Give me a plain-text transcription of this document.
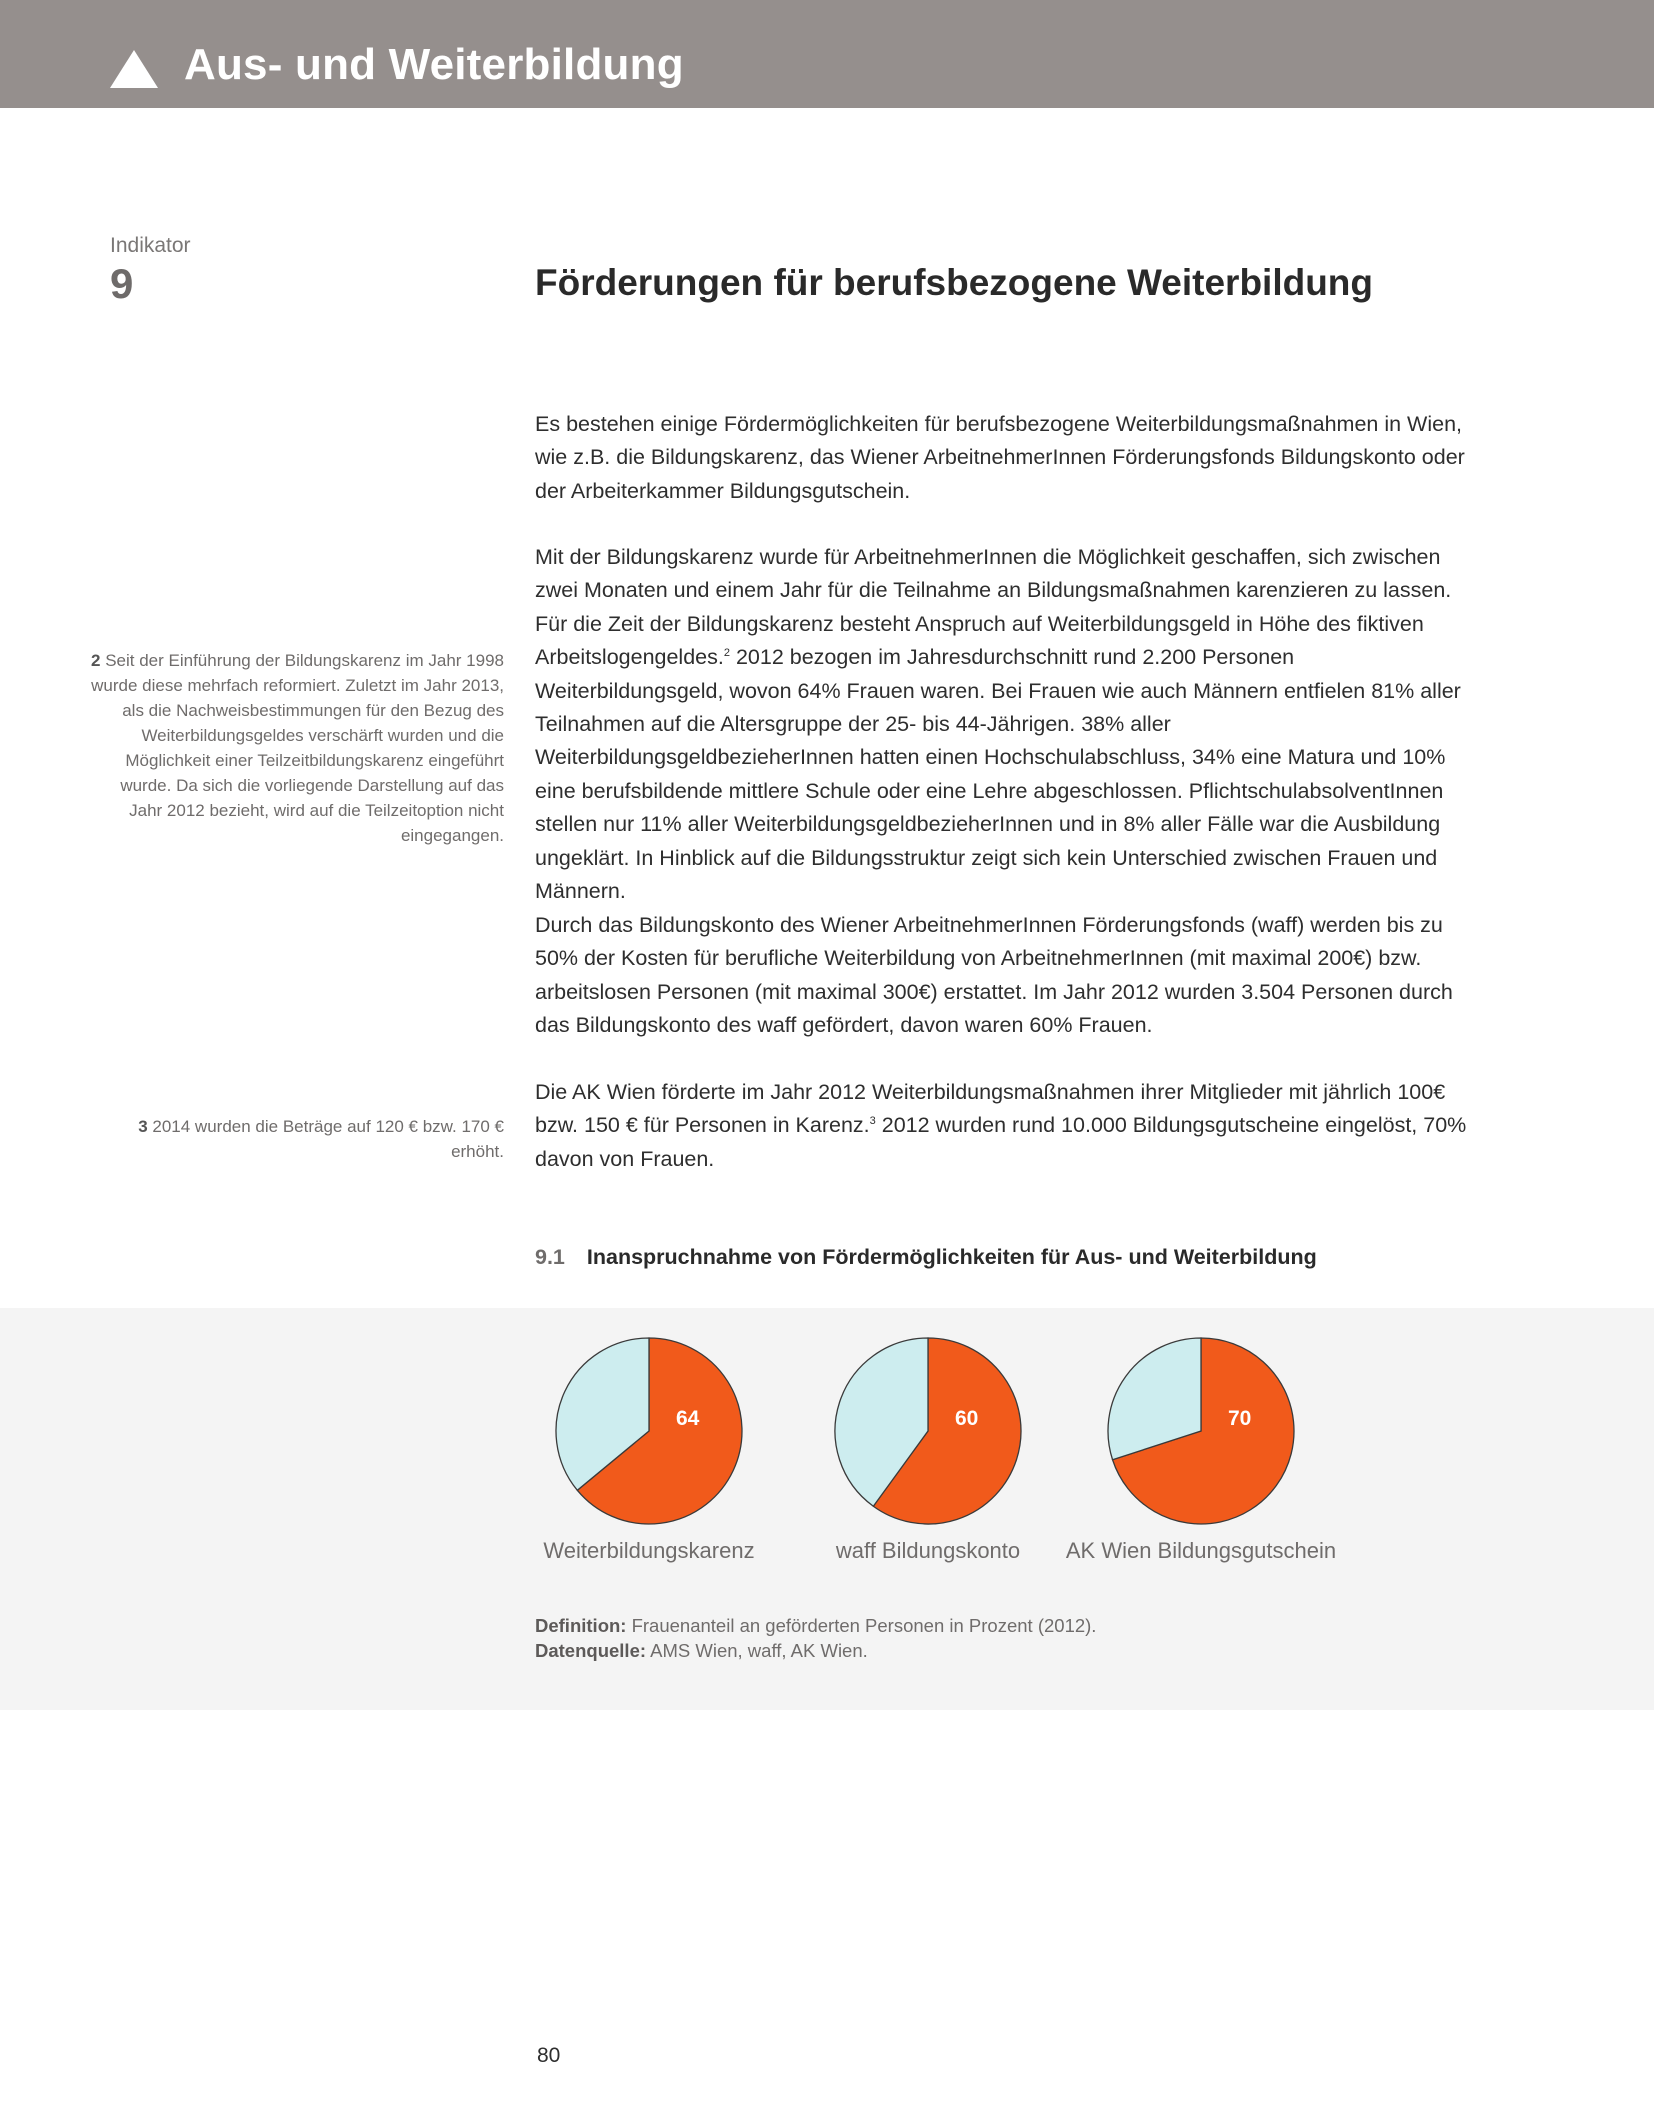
Aus- und Weiterbildung
Indikator
9	Förderungen für berufsbezogene Weiterbildung

Es bestehen einige Fördermöglichkeiten für berufsbezogene Weiterbildungsmaßnahmen in Wien, wie z.B. die Bildungskarenz, das Wiener ArbeitnehmerInnen Förderungsfonds Bildungskonto oder der Arbeiterkammer Bildungsgutschein.

Mit der Bildungskarenz wurde für ArbeitnehmerInnen die Möglichkeit geschaffen, sich zwischen zwei Monaten und einem Jahr für die Teilnahme an Bildungsmaßnahmen karenzieren zu lassen. Für die Zeit der Bildungskarenz besteht Anspruch auf Weiterbildungsgeld in Höhe des fiktiven Arbeitslogengeldes.$^2$ 2012 bezogen im Jahresdurchschnitt rund 2.200 Personen Weiterbildungsgeld, wovon 64% Frauen waren. Bei Frauen wie auch Männern entfielen 81% aller Teilnahmen auf die Altersgruppe der 25- bis 44-Jährigen. 38% aller WeiterbildungsgeldbezieherInnen hatten einen Hochschulabschluss, 34% eine Matura und 10% eine berufsbildende mittlere Schule oder eine Lehre abgeschlossen. PflichtschulabsolventInnen stellen nur 11% aller WeiterbildungsgeldbezieherInnen und in 8% aller Fälle war die Ausbildung ungeklärt. In Hinblick auf die Bildungsstruktur zeigt sich kein Unterschied zwischen Frauen und Männern.

Durch das Bildungskonto des Wiener ArbeitnehmerInnen Förderungsfonds (waff) werden bis zu 50% der Kosten für berufliche Weiterbildung von ArbeitnehmerInnen (mit maximal 200€) bzw. arbeitslosen Personen (mit maximal 300€) erstattet. Im Jahr 2012 wurden 3.504 Personen durch das Bildungskonto des waff gefördert, davon waren 60% Frauen.

Die AK Wien förderte im Jahr 2012 Weiterbildungsmaßnahmen ihrer Mitglieder mit jährlich 100€ bzw. 150 € für Personen in Karenz.$^3$ 2012 wurden rund 10.000 Bildungsgutscheine eingelöst, 70% davon von Frauen.

2 Seit der Einführung der Bildungskarenz im Jahr 1998 wurde diese mehrfach reformiert. Zuletzt im Jahr 2013, als die Nachweisbestimmungen für den Bezug des Weiterbildungsgeldes verschärft wurden und die Möglichkeit einer Teilzeitbildungskarenz eingeführt wurde. Da sich die vorliegende Darstellung auf das Jahr 2012 bezieht, wird auf die Teilzeitoption nicht eingegangen.
3 2014 wurden die Beträge auf 120 € bzw. 170 € erhöht.
9.1 Inanspruchnahme von Fördermöglichkeiten für Aus- und Weiterbildung
64	60	70
Weiterbildungskarenz	waff Bildungskonto	AK Wien Bildungsgutschein
Definition: Frauenanteil an geförderten Personen in Prozent (2012).
Datenquelle: AMS Wien, waff, AK Wien.
80
